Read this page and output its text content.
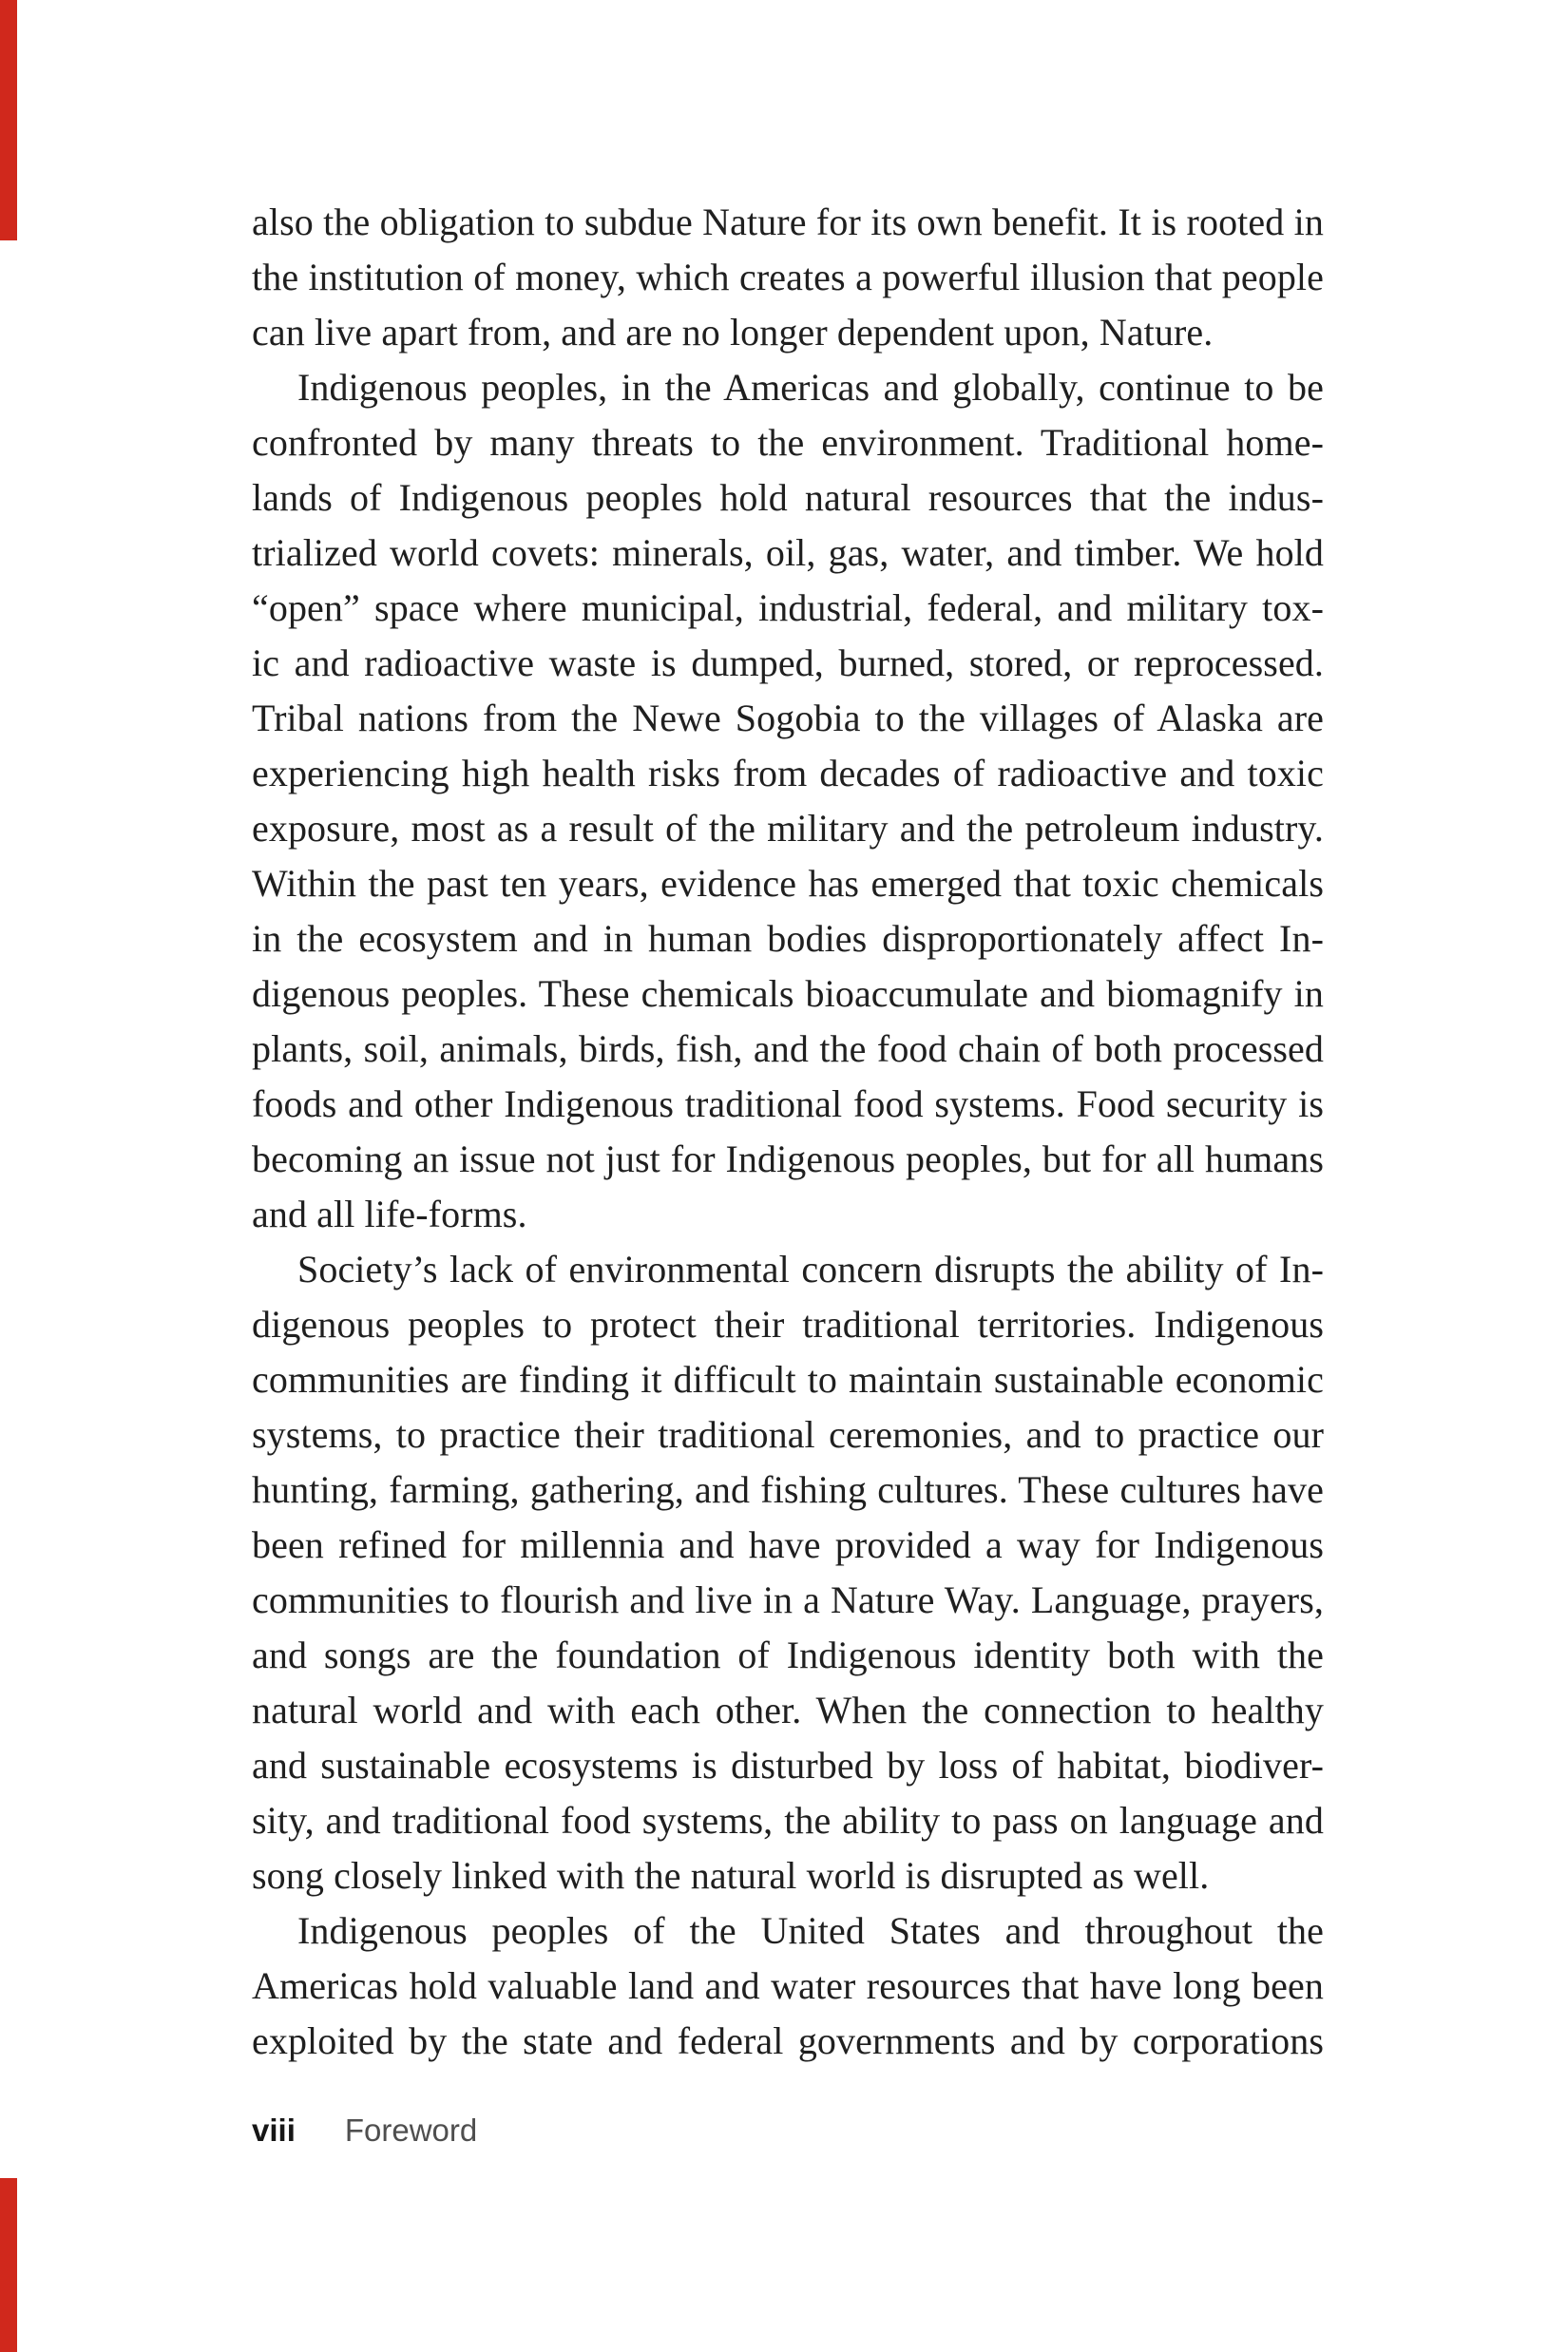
also the obligation to subdue Nature for its own benefit. It is rooted in
the institution of money, which creates a powerful illusion that people
can live apart from, and are no longer dependent upon, Nature.
Indigenous peoples, in the Americas and globally, continue to be
confronted by many threats to the environment. Traditional home-
lands of Indigenous peoples hold natural resources that the indus-
trialized world covets: minerals, oil, gas, water, and timber. We hold
“open” space where municipal, industrial, federal, and military tox-
ic and radioactive waste is dumped, burned, stored, or reprocessed.
Tribal nations from the Newe Sogobia to the villages of Alaska are
experiencing high health risks from decades of radioactive and toxic
exposure, most as a result of the military and the petroleum industry.
Within the past ten years, evidence has emerged that toxic chemicals
in the ecosystem and in human bodies disproportionately affect In-
digenous peoples. These chemicals bioaccumulate and biomagnify in
plants, soil, animals, birds, fish, and the food chain of both processed
foods and other Indigenous traditional food systems. Food security is
becoming an issue not just for Indigenous peoples, but for all humans
and all life-forms.
Society’s lack of environmental concern disrupts the ability of In-
digenous peoples to protect their traditional territories. Indigenous
communities are finding it difficult to maintain sustainable economic
systems, to practice their traditional ceremonies, and to practice our
hunting, farming, gathering, and fishing cultures. These cultures have
been refined for millennia and have provided a way for Indigenous
communities to flourish and live in a Nature Way. Language, prayers,
and songs are the foundation of Indigenous identity both with the
natural world and with each other. When the connection to healthy
and sustainable ecosystems is disturbed by loss of habitat, biodiver-
sity, and traditional food systems, the ability to pass on language and
song closely linked with the natural world is disrupted as well.
Indigenous peoples of the United States and throughout the
Americas hold valuable land and water resources that have long been
exploited by the state and federal governments and by corporations
viii Foreword
